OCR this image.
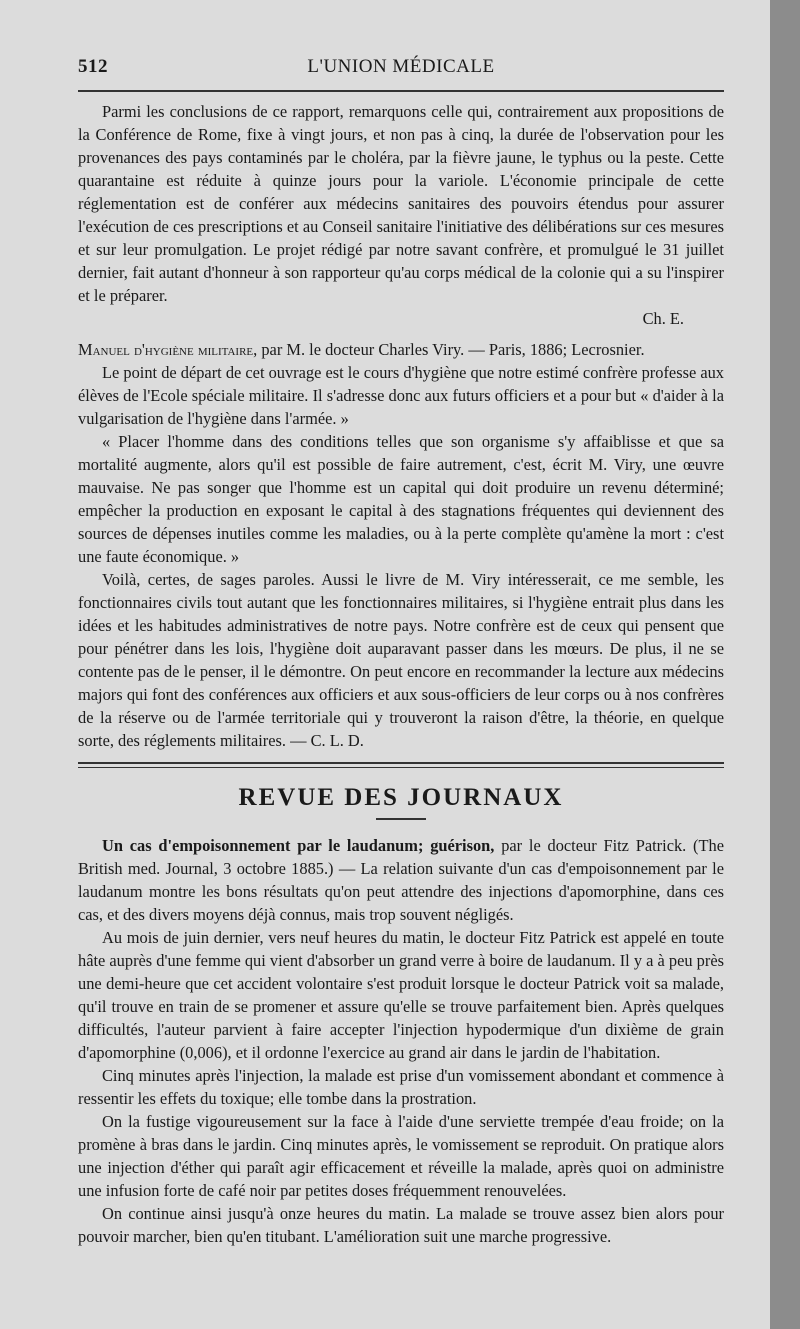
512	L'UNION MÉDICALE

Parmi les conclusions de ce rapport, remarquons celle qui, contrairement aux propositions de la Conférence de Rome, fixe à vingt jours, et non pas à cinq, la durée de l'observation pour les provenances des pays contaminés par le choléra, par la fièvre jaune, le typhus ou la peste. Cette quarantaine est réduite à quinze jours pour la variole. L'économie principale de cette réglementation est de conférer aux médecins sanitaires des pouvoirs étendus pour assurer l'exécution de ces prescriptions et au Conseil sanitaire l'initiative des délibérations sur ces mesures et sur leur promulgation. Le projet rédigé par notre savant confrère, et promulgué le 31 juillet dernier, fait autant d'honneur à son rapporteur qu'au corps médical de la colonie qui a su l'inspirer et le préparer.

Ch. E.

Manuel d'hygiène militaire, par M. le docteur Charles Viry. — Paris, 1886; Lecrosnier.

Le point de départ de cet ouvrage est le cours d'hygiène que notre estimé confrère professe aux élèves de l'Ecole spéciale militaire. Il s'adresse donc aux futurs officiers et a pour but « d'aider à la vulgarisation de l'hygiène dans l'armée. »

« Placer l'homme dans des conditions telles que son organisme s'y affaiblisse et que sa mortalité augmente, alors qu'il est possible de faire autrement, c'est, écrit M. Viry, une œuvre mauvaise. Ne pas songer que l'homme est un capital qui doit produire un revenu déterminé; empêcher la production en exposant le capital à des stagnations fréquentes qui deviennent des sources de dépenses inutiles comme les maladies, ou à la perte complète qu'amène la mort : c'est une faute économique. »

Voilà, certes, de sages paroles. Aussi le livre de M. Viry intéresserait, ce me semble, les fonctionnaires civils tout autant que les fonctionnaires militaires, si l'hygiène entrait plus dans les idées et les habitudes administratives de notre pays. Notre confrère est de ceux qui pensent que pour pénétrer dans les lois, l'hygiène doit auparavant passer dans les mœurs. De plus, il ne se contente pas de le penser, il le démontre. On peut encore en recommander la lecture aux médecins majors qui font des conférences aux officiers et aux sous-officiers de leur corps ou à nos confrères de la réserve ou de l'armée territoriale qui y trouveront la raison d'être, la théorie, en quelque sorte, des réglements militaires. — C. L. D.

REVUE DES JOURNAUX

Un cas d'empoisonnement par le laudanum; guérison, par le docteur Fitz Patrick. (The British med. Journal, 3 octobre 1885.) — La relation suivante d'un cas d'empoisonnement par le laudanum montre les bons résultats qu'on peut attendre des injections d'apomorphine, dans ces cas, et des divers moyens déjà connus, mais trop souvent négligés.

Au mois de juin dernier, vers neuf heures du matin, le docteur Fitz Patrick est appelé en toute hâte auprès d'une femme qui vient d'absorber un grand verre à boire de laudanum. Il y a à peu près une demi-heure que cet accident volontaire s'est produit lorsque le docteur Patrick voit sa malade, qu'il trouve en train de se promener et assure qu'elle se trouve parfaitement bien. Après quelques difficultés, l'auteur parvient à faire accepter l'injection hypodermique d'un dixième de grain d'apomorphine (0,006), et il ordonne l'exercice au grand air dans le jardin de l'habitation.

Cinq minutes après l'injection, la malade est prise d'un vomissement abondant et commence à ressentir les effets du toxique; elle tombe dans la prostration.

On la fustige vigoureusement sur la face à l'aide d'une serviette trempée d'eau froide; on la promène à bras dans le jardin. Cinq minutes après, le vomissement se reproduit. On pratique alors une injection d'éther qui paraît agir efficacement et réveille la malade, après quoi on administre une infusion forte de café noir par petites doses fréquemment renouvelées.

On continue ainsi jusqu'à onze heures du matin. La malade se trouve assez bien alors pour pouvoir marcher, bien qu'en titubant. L'amélioration suit une marche progressive.
